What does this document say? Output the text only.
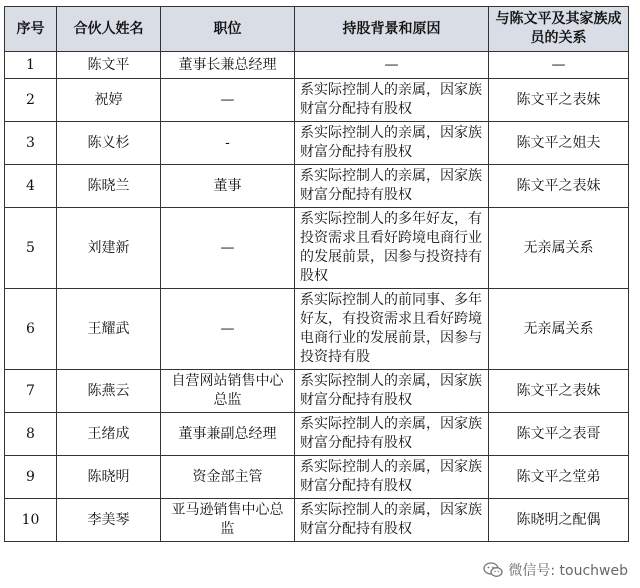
序号	合伙人姓名	职位	持股背景和原因	与陈文平及其家族成员的关系
1	陈文平	董事长兼总经理	—	—
2	祝婷	—	系实际控制人的亲属，因家族财富分配持有股权	陈文平之表妹
3	陈义杉	-	系实际控制人的亲属，因家族财富分配持有股权	陈文平之姐夫
4	陈晓兰	董事	系实际控制人的亲属，因家族财富分配持有股权	陈文平之表妹
5	刘建新	—	系实际控制人的多年好友，有投资需求且看好跨境电商行业的发展前景，因参与投资持有股权	无亲属关系
6	王耀武	—	系实际控制人的前同事、多年好友，有投资需求且看好跨境电商行业的发展前景，因参与投资持有股	无亲属关系
7	陈燕云	自营网站销售中心总监	系实际控制人的亲属，因家族财富分配持有股权	陈文平之表妹
8	王绪成	董事兼副总经理	系实际控制人的亲属，因家族财富分配持有股权	陈文平之表哥
9	陈晓明	资金部主管	系实际控制人的亲属，因家族财富分配持有股权	陈文平之堂弟
10	李美琴	亚马逊销售中心总监	系实际控制人的亲属，因家族财富分配持有股权	陈晓明之配偶
微信号: touchweb
